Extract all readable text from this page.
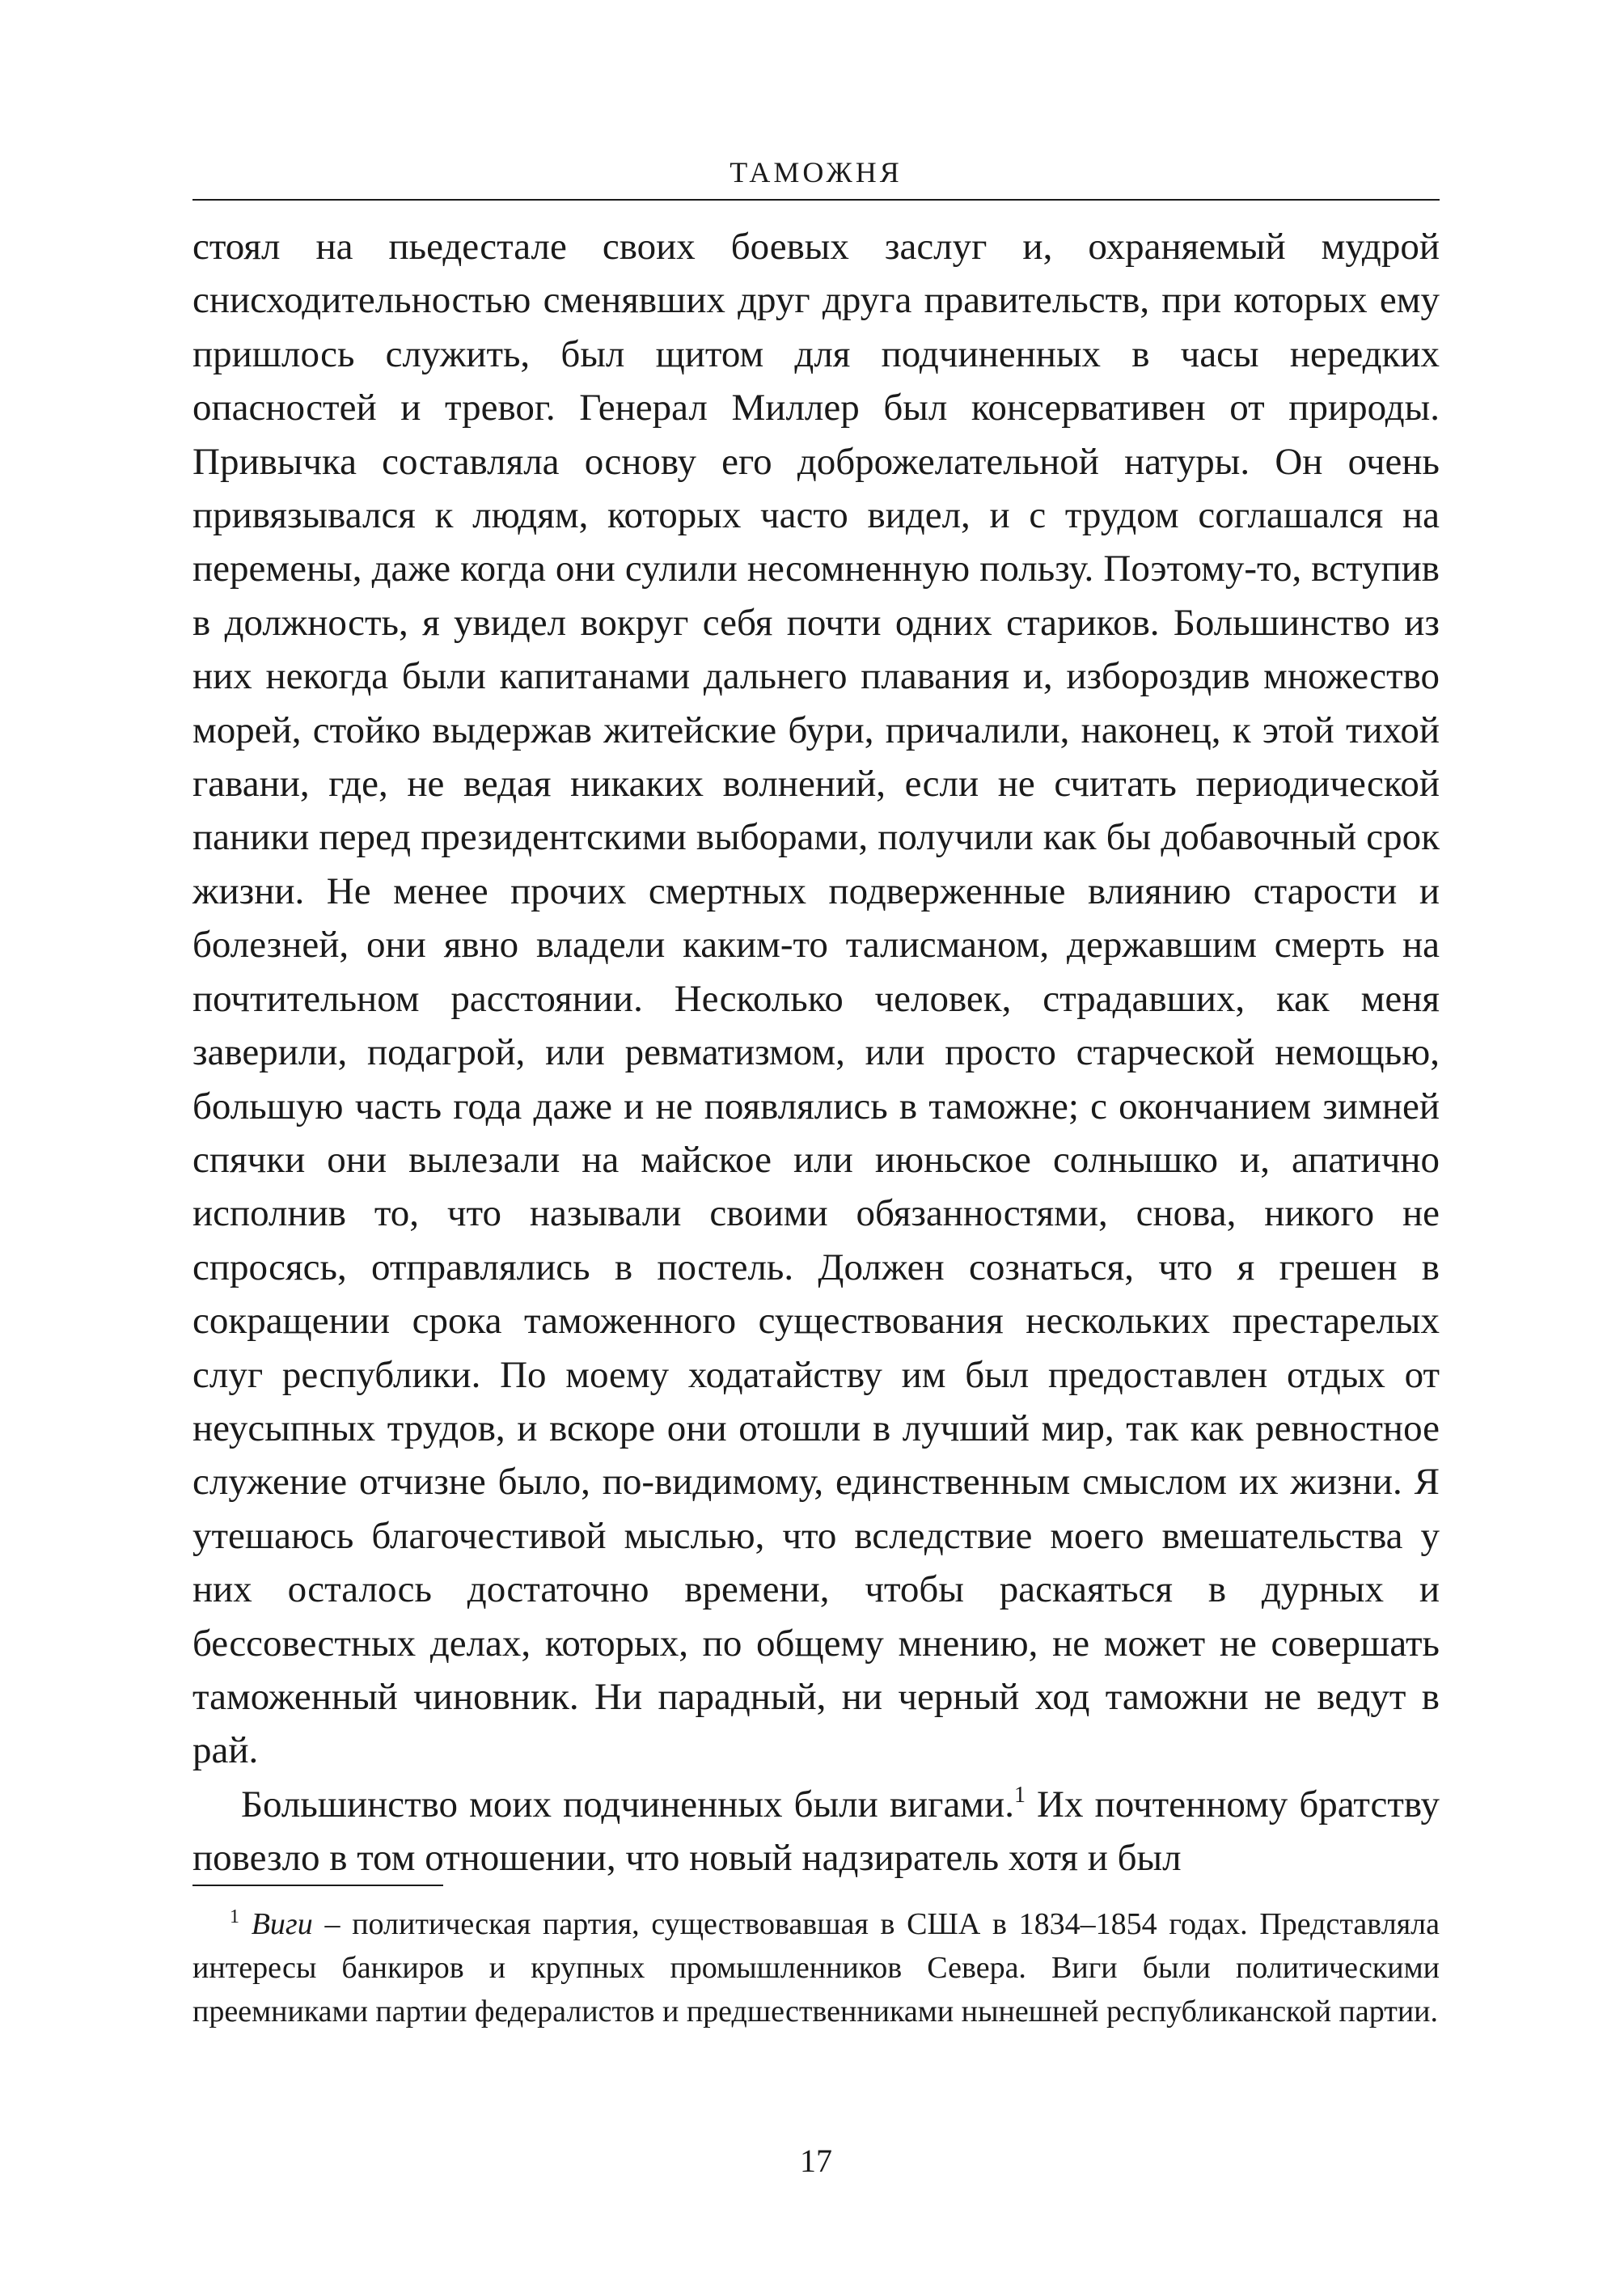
ТАМОЖНЯ

стоял на пьедестале своих боевых заслуг и, охраняемый мудрой снисходительностью сменявших друг друга правительств, при которых ему пришлось служить, был щитом для подчиненных в часы нередких опасностей и тревог. Генерал Миллер был консервативен от природы. Привычка составляла основу его доброжелательной натуры. Он очень привязывался к людям, которых часто видел, и с трудом соглашался на перемены, даже когда они сулили несомненную пользу. Поэтому-то, вступив в должность, я увидел вокруг себя почти одних стариков. Большинство из них некогда были капитанами дальнего плавания и, избороздив множество морей, стойко выдержав житейские бури, причалили, наконец, к этой тихой гавани, где, не ведая никаких волнений, если не считать периодической паники перед президентскими выборами, получили как бы добавочный срок жизни. Не менее прочих смертных подверженные влиянию старости и болезней, они явно владели каким-то талисманом, державшим смерть на почтительном расстоянии. Несколько человек, страдавших, как меня заверили, подагрой, или ревматизмом, или просто старческой немощью, большую часть года даже и не появлялись в таможне; с окончанием зимней спячки они вылезали на майское или июньское солнышко и, апатично исполнив то, что называли своими обязанностями, снова, никого не спросясь, отправлялись в постель. Должен сознаться, что я грешен в сокращении срока таможенного существования нескольких престарелых слуг республики. По моему ходатайству им был предоставлен отдых от неусыпных трудов, и вскоре они отошли в лучший мир, так как ревностное служение отчизне было, по-видимому, единственным смыслом их жизни. Я утешаюсь благочестивой мыслью, что вследствие моего вмешательства у них осталось достаточно времени, чтобы раскаяться в дурных и бессовестных делах, которых, по общему мнению, не может не совершать таможенный чиновник. Ни парадный, ни черный ход таможни не ведут в рай.

Большинство моих подчиненных были вигами.$^1$ Их почтенному братству повезло в том отношении, что новый надзиратель хотя и был

$^1$ Виги – политическая партия, существовавшая в США в 1834–1854 годах. Представляла интересы банкиров и крупных промышленников Севера. Виги были политическими преемниками партии федералистов и предшественниками нынешней республиканской партии.

17
